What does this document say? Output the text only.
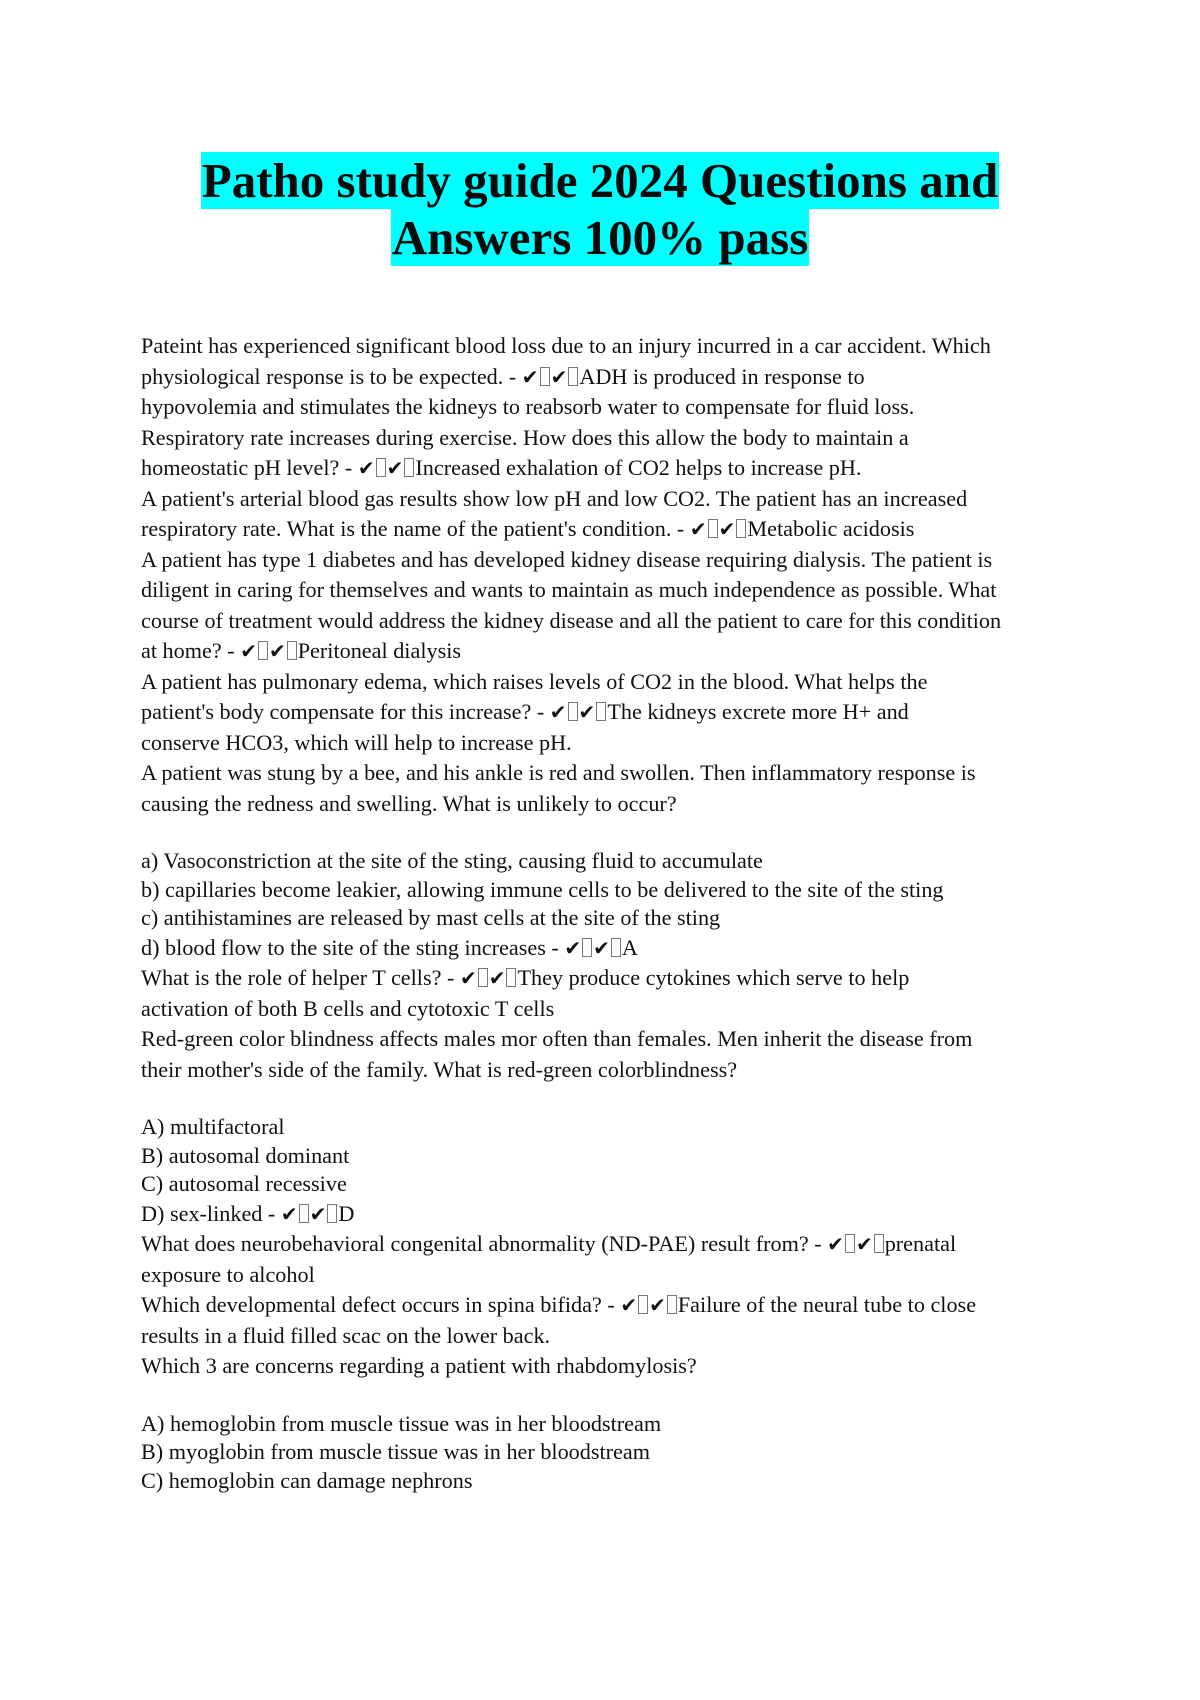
Patho study guide 2024 Questions and
Answers 100% pass
Pateint has experienced significant blood loss due to an injury incurred in a car accident. Which
physiological response is to be expected. - ✔ ✔ ADH is produced in response to
hypovolemia and stimulates the kidneys to reabsorb water to compensate for fluid loss.
Respiratory rate increases during exercise. How does this allow the body to maintain a
homeostatic pH level? - ✔ ✔ Increased exhalation of CO2 helps to increase pH.
A patient's arterial blood gas results show low pH and low CO2. The patient has an increased
respiratory rate. What is the name of the patient's condition. - ✔ ✔ Metabolic acidosis
A patient has type 1 diabetes and has developed kidney disease requiring dialysis. The patient is
diligent in caring for themselves and wants to maintain as much independence as possible. What
course of treatment would address the kidney disease and all the patient to care for this condition
at home? - ✔ ✔ Peritoneal dialysis
A patient has pulmonary edema, which raises levels of CO2 in the blood. What helps the
patient's body compensate for this increase? - ✔ ✔ The kidneys excrete more H+ and
conserve HCO3, which will help to increase pH.
A patient was stung by a bee, and his ankle is red and swollen. Then inflammatory response is
causing the redness and swelling. What is unlikely to occur?
a) Vasoconstriction at the site of the sting, causing fluid to accumulate
b) capillaries become leakier, allowing immune cells to be delivered to the site of the sting
c) antihistamines are released by mast cells at the site of the sting
d) blood flow to the site of the sting increases - ✔ ✔ A
What is the role of helper T cells? - ✔ ✔ They produce cytokines which serve to help
activation of both B cells and cytotoxic T cells
Red-green color blindness affects males mor often than females. Men inherit the disease from
their mother's side of the family. What is red-green colorblindness?
A) multifactoral
B) autosomal dominant
C) autosomal recessive
D) sex-linked - ✔ ✔ D
What does neurobehavioral congenital abnormality (ND-PAE) result from? - ✔ ✔ prenatal
exposure to alcohol
Which developmental defect occurs in spina bifida? - ✔ ✔ Failure of the neural tube to close
results in a fluid filled scac on the lower back.
Which 3 are concerns regarding a patient with rhabdomylosis?
A) hemoglobin from muscle tissue was in her bloodstream
B) myoglobin from muscle tissue was in her bloodstream
C) hemoglobin can damage nephrons
